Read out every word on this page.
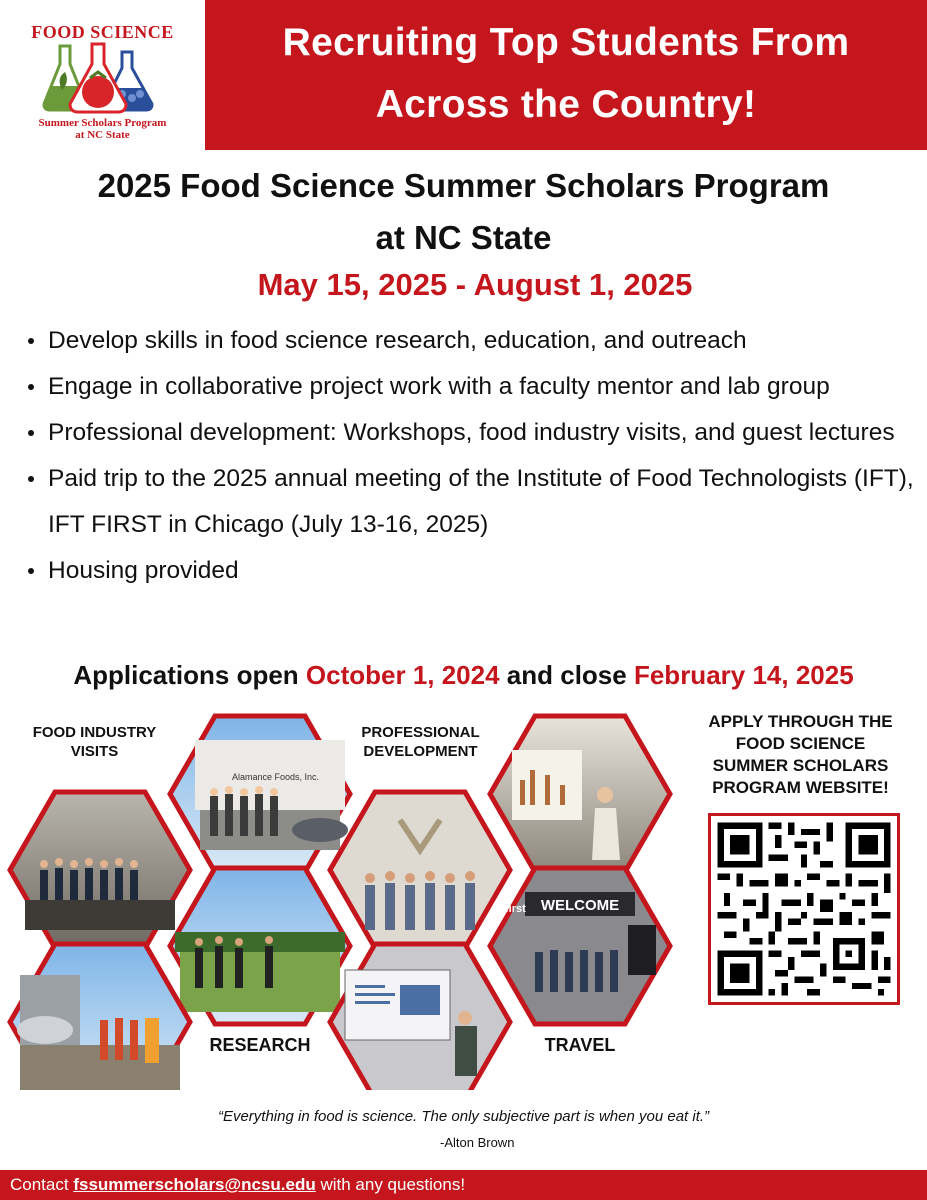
FOOD SCIENCE
Summer Scholars Program
at NC State
Recruiting Top Students From
Across the Country!
2025 Food Science Summer Scholars Program
at NC State
May 15, 2025 - August 1, 2025
Develop skills in food science research, education, and outreach
Engage in collaborative project work with a faculty mentor and lab group
Professional development: Workshops, food industry visits, and guest lectures
Paid trip to the 2025 annual meeting of the Institute of Food Technologists (IFT), IFT FIRST in Chicago (July 13-16, 2025)
Housing provided
Applications open October 1, 2024 and close February 14, 2025
Alamance Foods, Inc.
WELCOME
first
FOOD INDUSTRY
VISITS
PROFESSIONAL
DEVELOPMENT
RESEARCH	TRAVEL
APPLY THROUGH THE
FOOD SCIENCE
SUMMER SCHOLARS
PROGRAM WEBSITE!
“Everything in food is science. The only subjective part is when you eat it.”
-Alton Brown
Contact fssummerscholars@ncsu.edu with any questions!
